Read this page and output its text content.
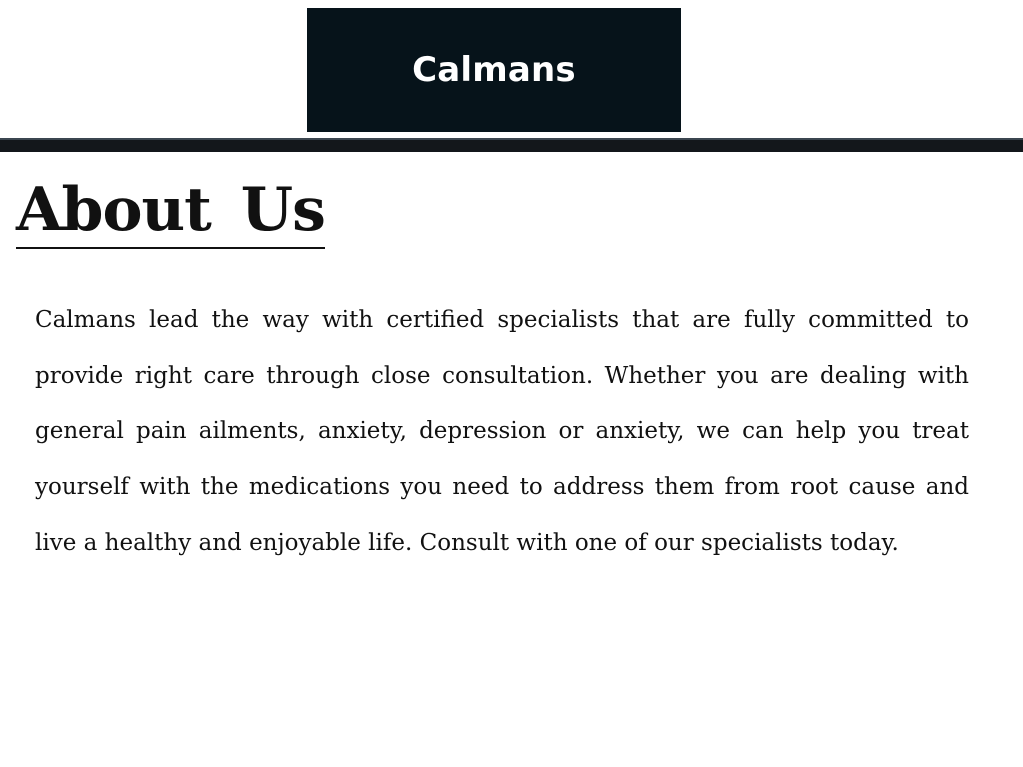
Calmans
About Us

Calmans lead the way with certified specialists that are fully committed to provide right care through close consultation. Whether you are dealing with general pain ailments, anxiety, depression or anxiety, we can help you treat yourself with the medications you need to address them from root cause and live a healthy and enjoyable life. Consult with one of our specialists today.
